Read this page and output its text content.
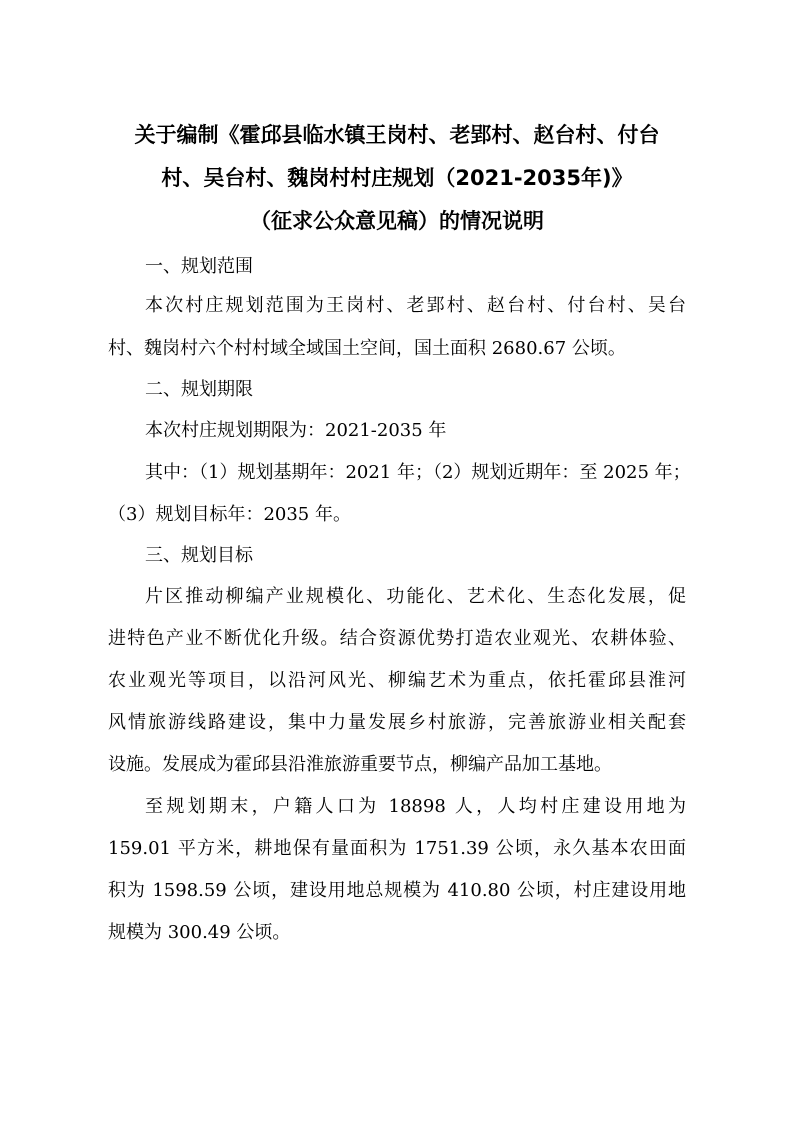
关于编制《霍邱县临水镇王岗村、老郢村、赵台村、付台
村、吴台村、魏岗村村庄规划（2021-2035年)》
（征求公众意见稿）的情况说明
一、规划范围
本次村庄规划范围为王岗村、老郢村、赵台村、付台村、吴台
村、魏岗村六个村村域全域国土空间，国土面积 2680.67 公顷。
二、规划期限
本次村庄规划期限为：2021-2035 年
其中：（1）规划基期年：2021 年；（2）规划近期年：至 2025 年；
（3）规划目标年：2035 年。
三、规划目标
片区推动柳编产业规模化、功能化、艺术化、生态化发展，促
进特色产业不断优化升级。结合资源优势打造农业观光、农耕体验、
农业观光等项目，以沿河风光、柳编艺术为重点，依托霍邱县淮河
风情旅游线路建设，集中力量发展乡村旅游，完善旅游业相关配套
设施。发展成为霍邱县沿淮旅游重要节点，柳编产品加工基地。
至规划期末，户籍人口为 18898 人，人均村庄建设用地为
159.01 平方米，耕地保有量面积为 1751.39 公顷，永久基本农田面
积为 1598.59 公顷，建设用地总规模为 410.80 公顷，村庄建设用地
规模为 300.49 公顷。
